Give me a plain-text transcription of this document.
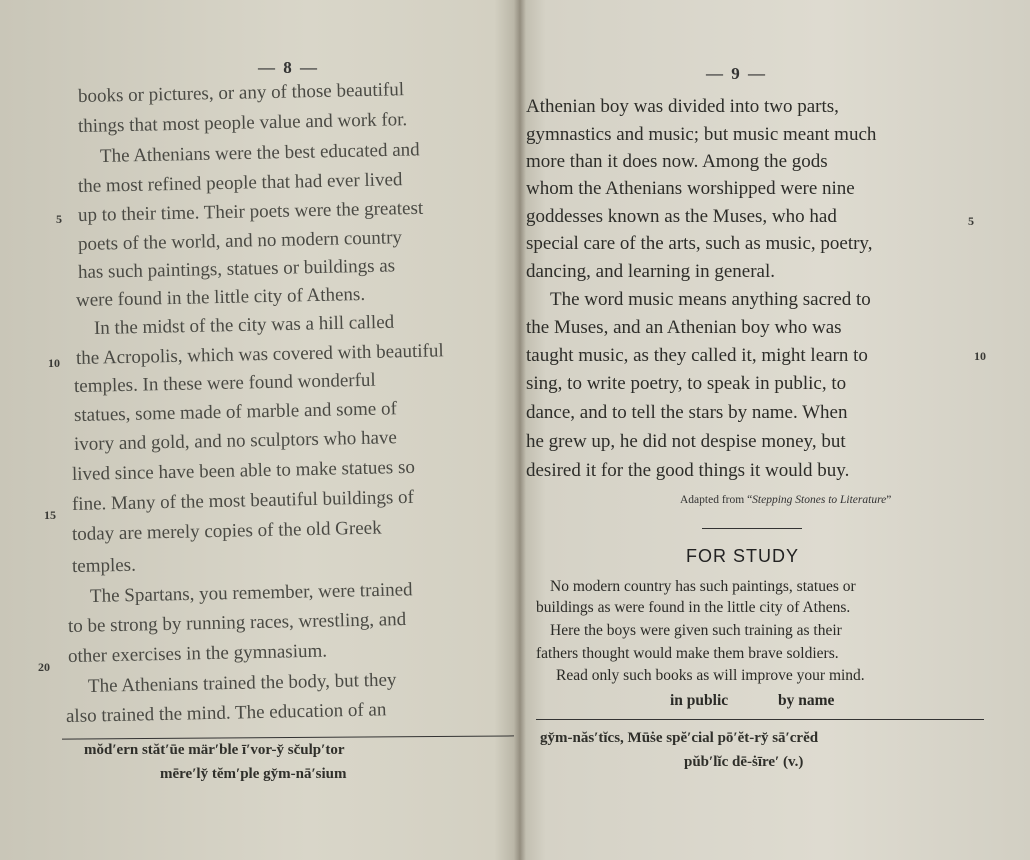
— 8 —
books or pictures, or any of those beautiful
things that most people value and work for.
The Athenians were the best educated and
the most refined people that had ever lived
up to their time. Their poets were the greatest
poets of the world, and no modern country
has such paintings, statues or buildings as
were found in the little city of Athens.
In the midst of the city was a hill called
the Acropolis, which was covered with beautiful
temples. In these were found wonderful
statues, some made of marble and some of
ivory and gold, and no sculptors who have
lived since have been able to make statues so
fine. Many of the most beautiful buildings of
today are merely copies of the old Greek
temples.
The Spartans, you remember, were trained
to be strong by running races, wrestling, and
other exercises in the gymnasium.
The Athenians trained the body, but they
also trained the mind. The education of an
5
10
15
20
mŏd′ern stăt′ūe mär′ble ī′vor-y̆ sc̆ulp′tor
mēre′ly̆ tĕm′ple gy̆m-nā′sium
— 9 —
Athenian boy was divided into two parts,
gymnastics and music; but music meant much
more than it does now. Among the gods
whom the Athenians worshipped were nine
goddesses known as the Muses, who had
special care of the arts, such as music, poetry,
dancing, and learning in general.
The word music means anything sacred to
the Muses, and an Athenian boy who was
taught music, as they called it, might learn to
sing, to write poetry, to speak in public, to
dance, and to tell the stars by name. When
he grew up, he did not despise money, but
desired it for the good things it would buy.
5
10
Adapted from “Stepping Stones to Literature”
FOR STUDY
No modern country has such paintings, statues or
buildings as were found in the little city of Athens.
Here the boys were given such training as their
fathers thought would make them brave soldiers.
Read only such books as will improve your mind.
in public	by name
gy̆m-năs′tĭcs, Mūṡe spĕ′cial pō′ĕt-ry̆ sā′crĕd
pŭb′lĭc dē-ṡīre′ (v.)
